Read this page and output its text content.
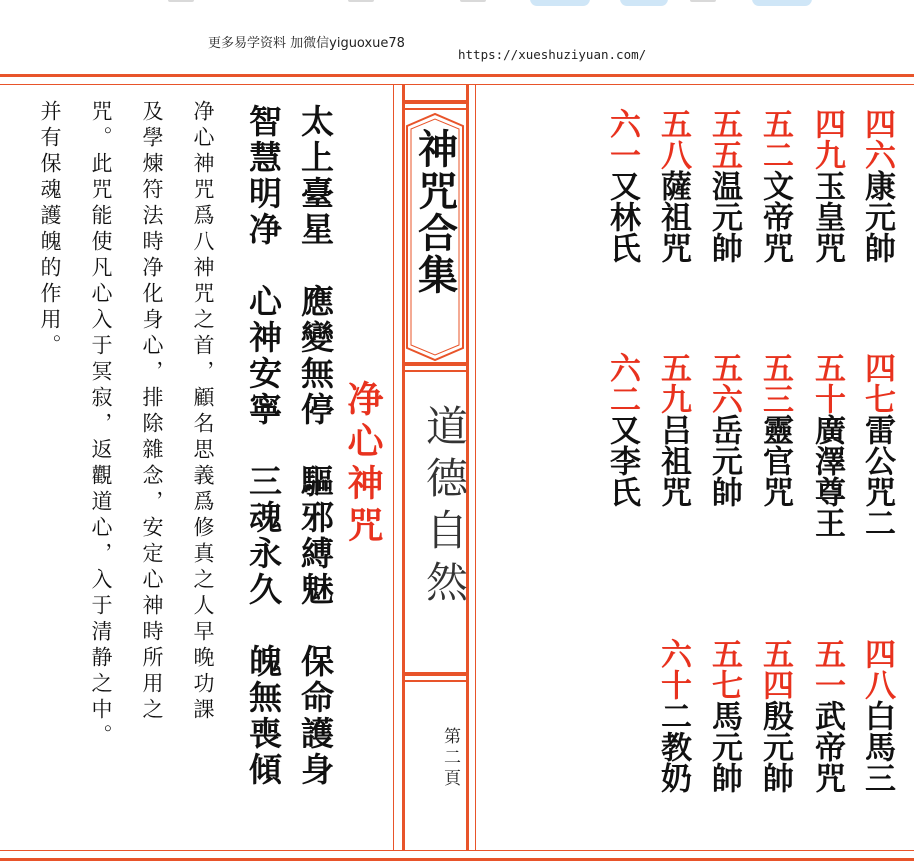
更多易学资料 加微信yiguoxue78

https://xueshuziyuan.com/

神咒合集
道德自然
第二頁
净心神咒
太上臺星　應變無停　驅邪縛魅　保命護身
智慧明净　心神安寧　三魂永久　魄無喪傾
净心神咒爲八神咒之首，顧名思義爲修真之人早晚功課
及學煉符法時净化身心，排除雜念，安定心神時所用之
咒。此咒能使凡心入于冥寂，返觀道心，入于清静之中。
并有保魂護魄的作用。	四六康元帥
四九玉皇咒
五二文帝咒
五五温元帥
五八薩祖咒
六一又林氏
四七雷公咒二
五十廣澤尊王
五三靈官咒
五六岳元帥
五九吕祖咒
六二又李氏
四八白馬三
五一武帝咒
五四殷元帥
五七馬元帥
六十二教奶
